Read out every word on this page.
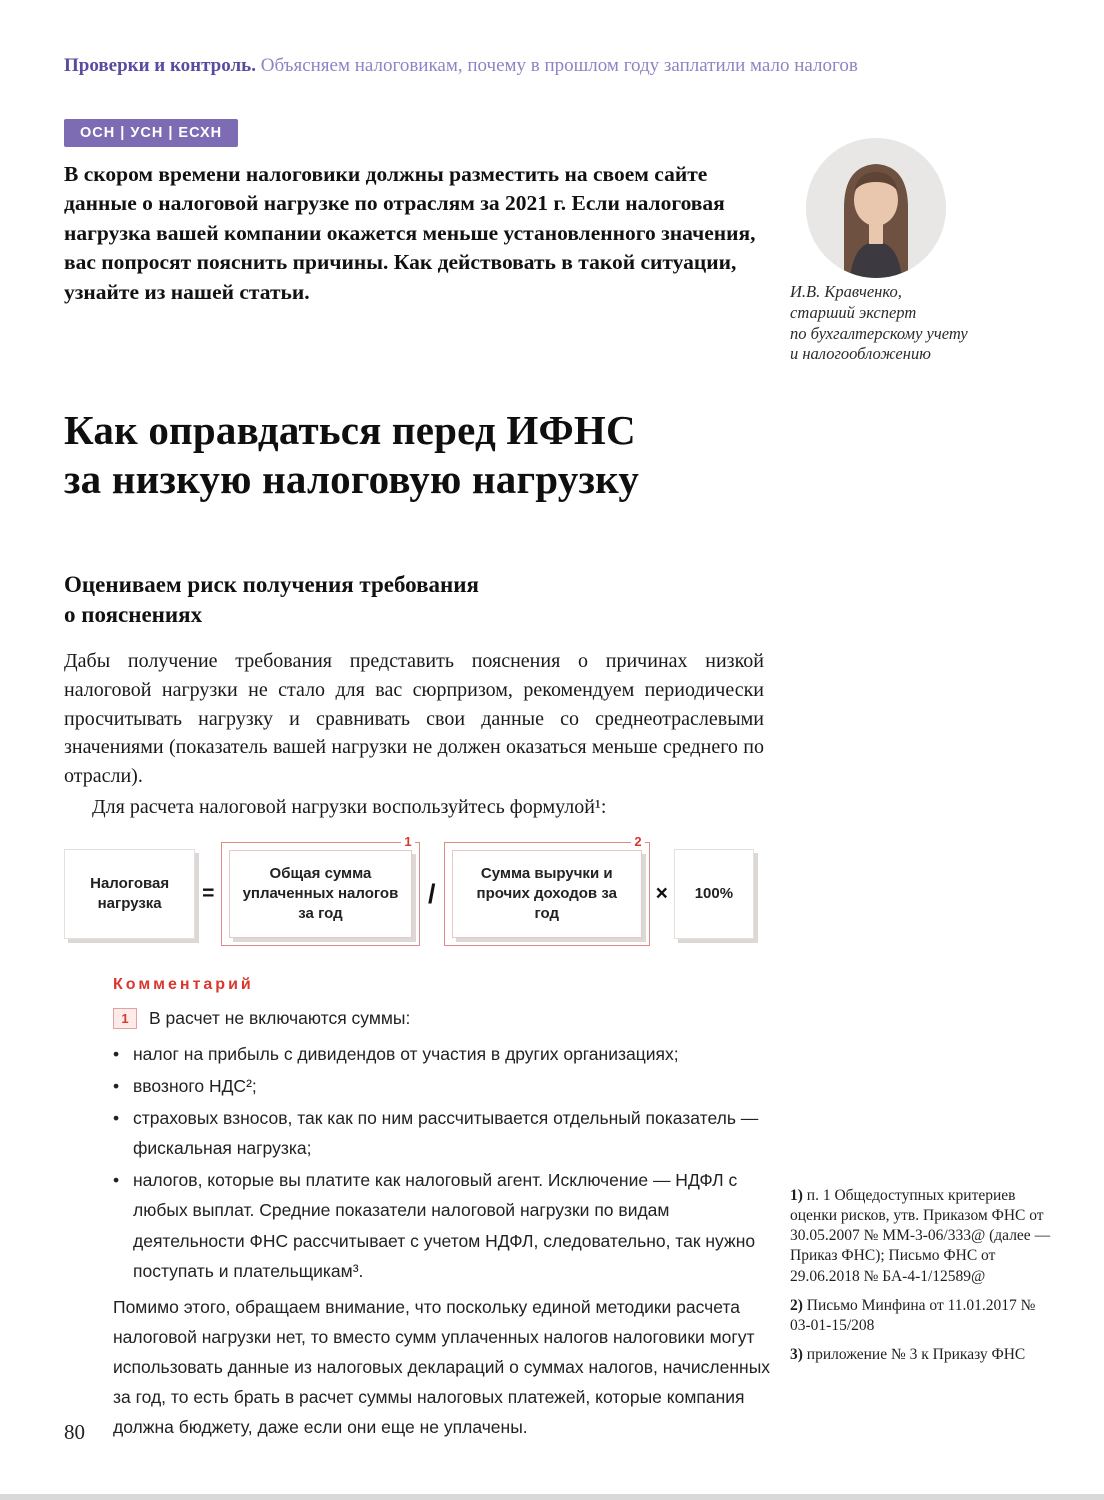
Проверки и контроль. Объясняем налоговикам, почему в прошлом году заплатили мало налогов
ОСН | УСН | ЕСХН
В скором времени налоговики должны разместить на своем сайте данные о налоговой нагрузке по отраслям за 2021 г. Если налоговая нагрузка вашей компании окажется меньше установленного значения, вас попросят пояснить причины. Как действовать в такой ситуации, узнайте из нашей статьи.	И.В. Кравченко,
старший эксперт
по бухгалтерскому учету
и налогообложению
Как оправдаться перед ИФНС
за низкую налоговую нагрузку
Оцениваем риск получения требования
о пояснениях
Дабы получение требования представить пояснения о причинах низкой налоговой нагрузки не стало для вас сюрпризом, рекомендуем периодически просчитывать нагрузку и сравнивать свои данные со среднеотраслевыми значениями (показатель вашей нагрузки не должен оказаться меньше среднего по отрасли).
Для расчета налоговой нагрузки воспользуйтесь формулой¹:
Налоговая нагрузка	=
1
Общая сумма уплаченных налогов за год
/
2
Сумма выручки и прочих доходов за год
×	100%
Комментарий
1	В расчет не включаются суммы:
• налог на прибыль с дивидендов от участия в других организациях;
• ввозного НДС²;
• страховых взносов, так как по ним рассчитывается отдельный показатель — фискальная нагрузка;
• налогов, которые вы платите как налоговый агент. Исключение — НДФЛ с любых выплат. Средние показатели налоговой нагрузки по видам деятельности ФНС рассчитывает с учетом НДФЛ, следовательно, так нужно поступать и плательщикам³.
Помимо этого, обращаем внимание, что поскольку единой методики расчета налоговой нагрузки нет, то вместо сумм уплаченных налогов налоговики могут использовать данные из налоговых деклараций о суммах налогов, начисленных за год, то есть брать в расчет суммы налоговых платежей, которые компания должна бюджету, даже если они еще не уплачены.
1) п. 1 Общедоступных критериев оценки рисков, утв. Приказом ФНС от 30.05.2007 № ММ-3-06/333@ (далее — Приказ ФНС); Письмо ФНС от 29.06.2018 № БА-4-1/12589@
2) Письмо Минфина от 11.01.2017 № 03-01-15/208
3) приложение № 3 к Приказу ФНС
80
